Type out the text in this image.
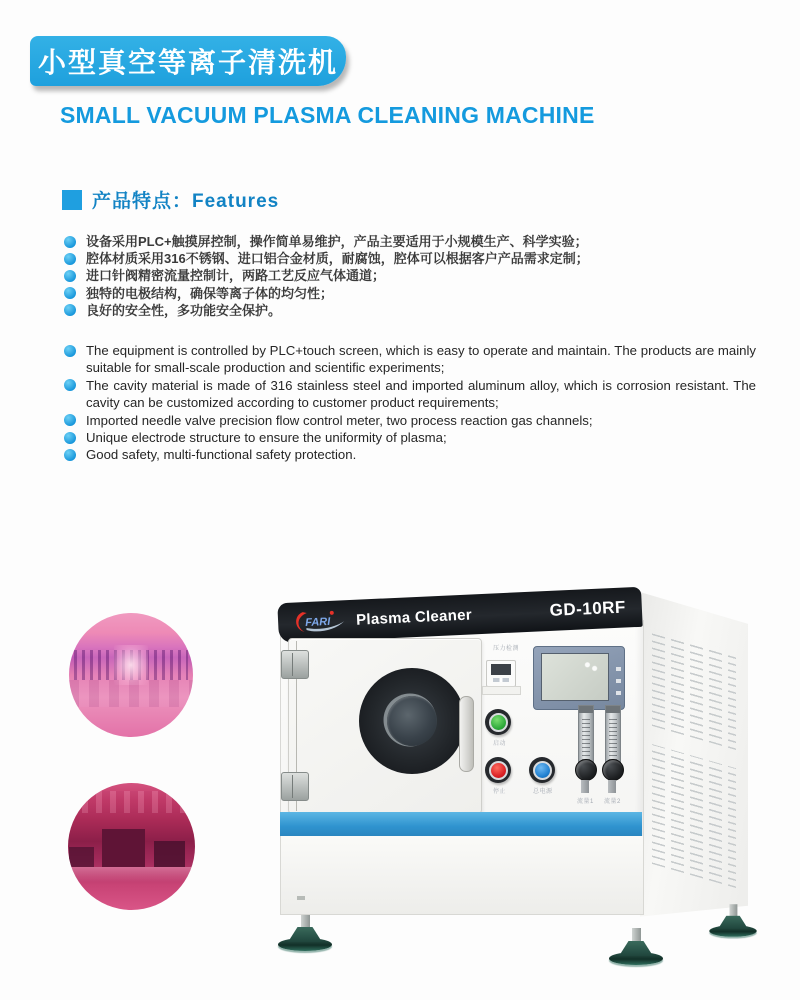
小型真空等离子清洗机
SMALL VACUUM PLASMA CLEANING MACHINE
产品特点：Features
设备采用PLC+触摸屏控制，操作简单易维护，产品主要适用于小规模生产、科学实验；
腔体材质采用316不锈钢、进口铝合金材质，耐腐蚀，腔体可以根据客户产品需求定制；
进口针阀精密流量控制计，两路工艺反应气体通道；
独特的电极结构，确保等离子体的均匀性；
良好的安全性，多功能安全保护。
The equipment is controlled by PLC+touch screen, which is easy to operate and maintain. The products are mainly suitable for small-scale production and scientific experiments;
The cavity material is made of 316 stainless steel and imported aluminum alloy, which is corrosion resistant. The cavity can be customized according to customer product requirements;
Imported needle valve precision flow control meter, two process reaction gas channels;
Unique electrode structure to ensure the uniformity of plasma;
Good safety, multi-functional safety protection.
FARI Plasma Cleaner	GD-10RF
压力检测
启动
停止	总电源
流量1 流量2
